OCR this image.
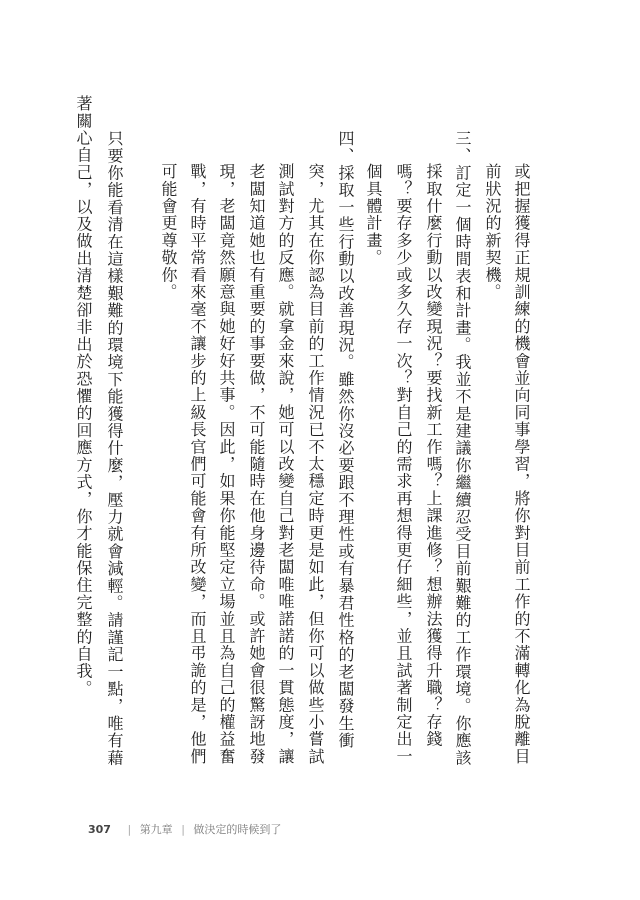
或把握獲得正規訓練的機會並向同事學習，將你對目前工作的不滿轉化為脫離目
前狀況的新契機。
三、訂定一個時間表和計畫。我並不是建議你繼續忍受目前艱難的工作環境。你應該
採取什麼行動以改變現況？要找新工作嗎？上課進修？想辦法獲得升職？存錢
嗎？要存多少或多久存一次？對自己的需求再想得更仔細些，並且試著制定出一
個具體計畫。
四、採取一些行動以改善現況。雖然你沒必要跟不理性或有暴君性格的老闆發生衝
突，尤其在你認為目前的工作情況已不太穩定時更是如此，但你可以做些小嘗試
測試對方的反應。就拿金來說，她可以改變自己對老闆唯唯諾諾的一貫態度，讓
老闆知道她也有重要的事要做，不可能隨時在他身邊待命。或許她會很驚訝地發
現，老闆竟然願意與她好好共事。因此，如果你能堅定立場並且為自己的權益奮
戰，有時平常看來毫不讓步的上級長官們可能會有所改變，而且弔詭的是，他們
可能會更尊敬你。
只要你能看清在這樣艱難的環境下能獲得什麼，壓力就會減輕。請謹記一點，唯有藉
著關心自己，以及做出清楚卻非出於恐懼的回應方式，你才能保住完整的自我。
307 | 第九章 | 做決定的時候到了
